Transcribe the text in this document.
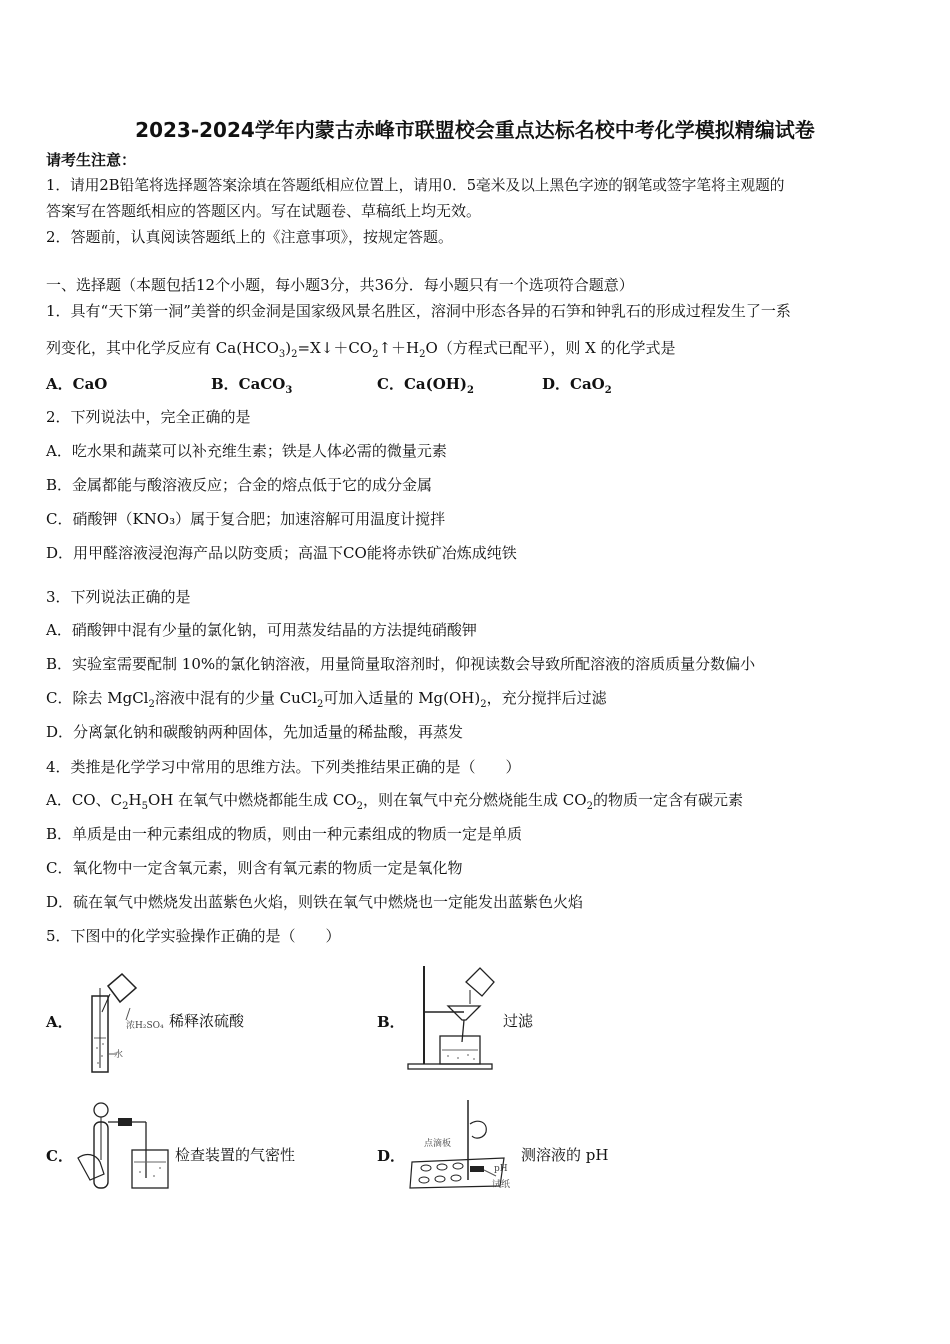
2023-2024学年内蒙古赤峰市联盟校会重点达标名校中考化学模拟精编试卷
请考生注意：
1．请用2B铅笔将选择题答案涂填在答题纸相应位置上，请用0．5毫米及以上黑色字迹的钢笔或签字笔将主观题的
答案写在答题纸相应的答题区内。写在试题卷、草稿纸上均无效。
2．答题前，认真阅读答题纸上的《注意事项》，按规定答题。
一、选择题（本题包括12个小题，每小题3分，共36分．每小题只有一个选项符合题意）
1．具有“天下第一洞”美誉的织金洞是国家级风景名胜区，溶洞中形态各异的石笋和钟乳石的形成过程发生了一系
列变化，其中化学反应有 $Ca(HCO_3)_2=X↓+CO_2↑+H_2O$（方程式已配平），则 X 的化学式是
A．CaO	B．CaCO$_3$	C．$Ca(OH)_2$	D．CaO$_2$
2．下列说法中，完全正确的是
A．吃水果和蔬菜可以补充维生素；铁是人体必需的微量元素
B．金属都能与酸溶液反应；合金的熔点低于它的成分金属
C．硝酸钾（KNO₃）属于复合肥；加速溶解可用温度计搅拌
D．用甲醛溶液浸泡海产品以防变质；高温下CO能将赤铁矿冶炼成纯铁
3．下列说法正确的是
A．硝酸钾中混有少量的氯化钠，可用蒸发结晶的方法提纯硝酸钾
B．实验室需要配制 10%的氯化钠溶液，用量筒量取溶剂时，仰视读数会导致所配溶液的溶质质量分数偏小
C．除去 MgCl$_2$溶液中混有的少量 CuCl$_2$可加入适量的 $Mg(OH)_2$，充分搅拌后过滤
D．分离氯化钠和碳酸钠两种固体，先加适量的稀盐酸，再蒸发
4．类推是化学学习中常用的思维方法。下列类推结果正确的是（　　）
A．CO、$C_2H_5OH$ 在氧气中燃烧都能生成 $CO_2$，则在氧气中充分燃烧能生成 $CO_2$的物质一定含有碳元素
B．单质是由一种元素组成的物质，则由一种元素组成的物质一定是单质
C．氧化物中一定含氧元素，则含有氧元素的物质一定是氧化物
D．硫在氧气中燃烧发出蓝紫色火焰，则铁在氧气中燃烧也一定能发出蓝紫色火焰
5．下图中的化学实验操作正确的是（　　）
A．	浓H₂SO₄
水
稀释浓硫酸	B．	过滤
C．	检查装置的气密性	D．
点滴板
pH
试纸
测溶液的 pH
